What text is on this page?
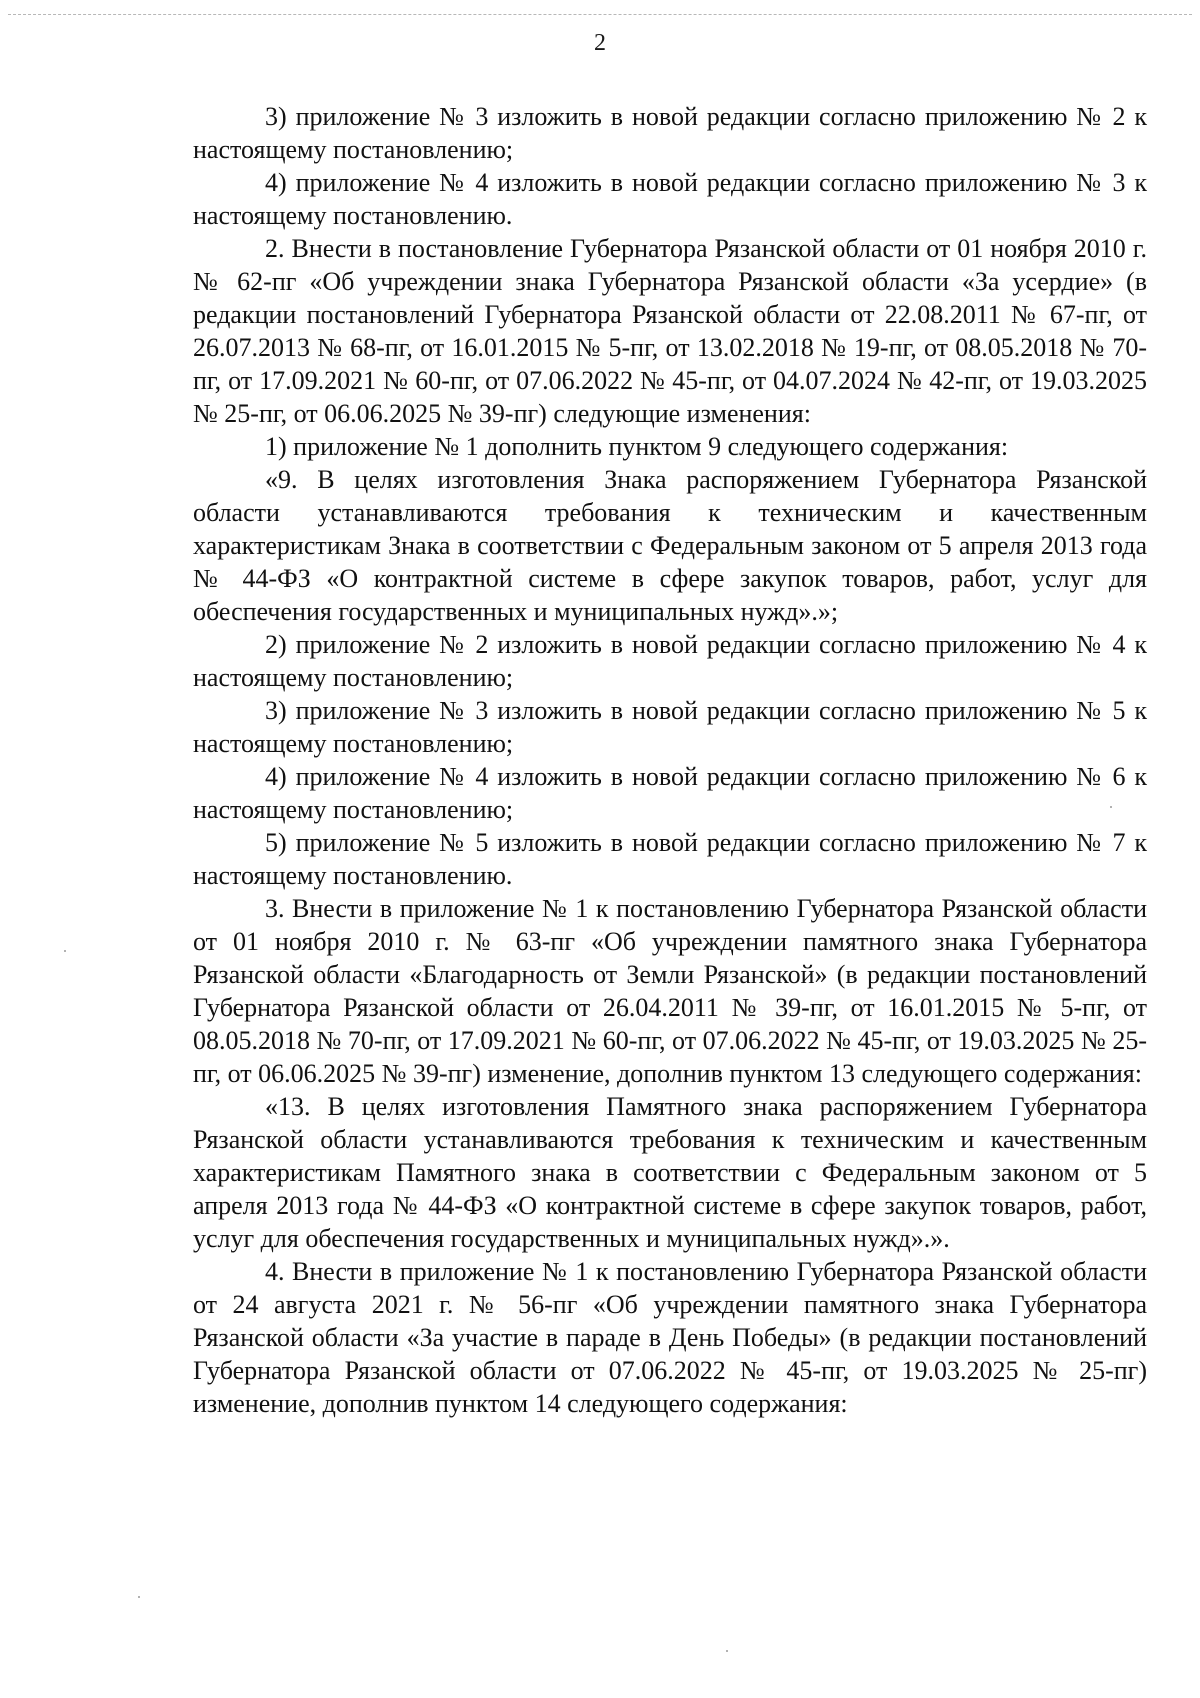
2

3) приложение № 3 изложить в новой редакции согласно приложению № 2 к настоящему постановлению;

4) приложение № 4 изложить в новой редакции согласно приложению № 3 к настоящему постановлению.

2. Внести в постановление Губернатора Рязанской области от 01 ноября 2010 г. № 62-пг «Об учреждении знака Губернатора Рязанской области «За усердие» (в редакции постановлений Губернатора Рязанской области от 22.08.2011 № 67-пг, от 26.07.2013 № 68-пг, от 16.01.2015 № 5-пг, от 13.02.2018 № 19-пг, от 08.05.2018 № 70-пг, от 17.09.2021 № 60-пг, от 07.06.2022 № 45-пг, от 04.07.2024 № 42-пг, от 19.03.2025 № 25-пг, от 06.06.2025 № 39-пг) следующие изменения:

1) приложение № 1 дополнить пунктом 9 следующего содержания:

«9. В целях изготовления Знака распоряжением Губернатора Рязанской области устанавливаются требования к техническим и качественным характеристикам Знака в соответствии с Федеральным законом от 5 апреля 2013 года № 44-ФЗ «О контрактной системе в сфере закупок товаров, работ, услуг для обеспечения государственных и муниципальных нужд».»;

2) приложение № 2 изложить в новой редакции согласно приложению № 4 к настоящему постановлению;

3) приложение № 3 изложить в новой редакции согласно приложению № 5 к настоящему постановлению;

4) приложение № 4 изложить в новой редакции согласно приложению № 6 к настоящему постановлению;

5) приложение № 5 изложить в новой редакции согласно приложению № 7 к настоящему постановлению.

3. Внести в приложение № 1 к постановлению Губернатора Рязанской области от 01 ноября 2010 г. № 63-пг «Об учреждении памятного знака Губернатора Рязанской области «Благодарность от Земли Рязанской» (в редакции постановлений Губернатора Рязанской области от 26.04.2011 № 39-пг, от 16.01.2015 № 5-пг, от 08.05.2018 № 70-пг, от 17.09.2021 № 60-пг, от 07.06.2022 № 45-пг, от 19.03.2025 № 25-пг, от 06.06.2025 № 39-пг) изменение, дополнив пунктом 13 следующего содержания:

«13. В целях изготовления Памятного знака распоряжением Губернатора Рязанской области устанавливаются требования к техническим и качественным характеристикам Памятного знака в соответствии с Федеральным законом от 5 апреля 2013 года № 44-ФЗ «О контрактной системе в сфере закупок товаров, работ, услуг для обеспечения государственных и муниципальных нужд».».

4. Внести в приложение № 1 к постановлению Губернатора Рязанской области от 24 августа 2021 г. № 56-пг «Об учреждении памятного знака Губернатора Рязанской области «За участие в параде в День Победы» (в редакции постановлений Губернатора Рязанской области от 07.06.2022 № 45-пг, от 19.03.2025 № 25-пг) изменение, дополнив пунктом 14 следующего содержания:
